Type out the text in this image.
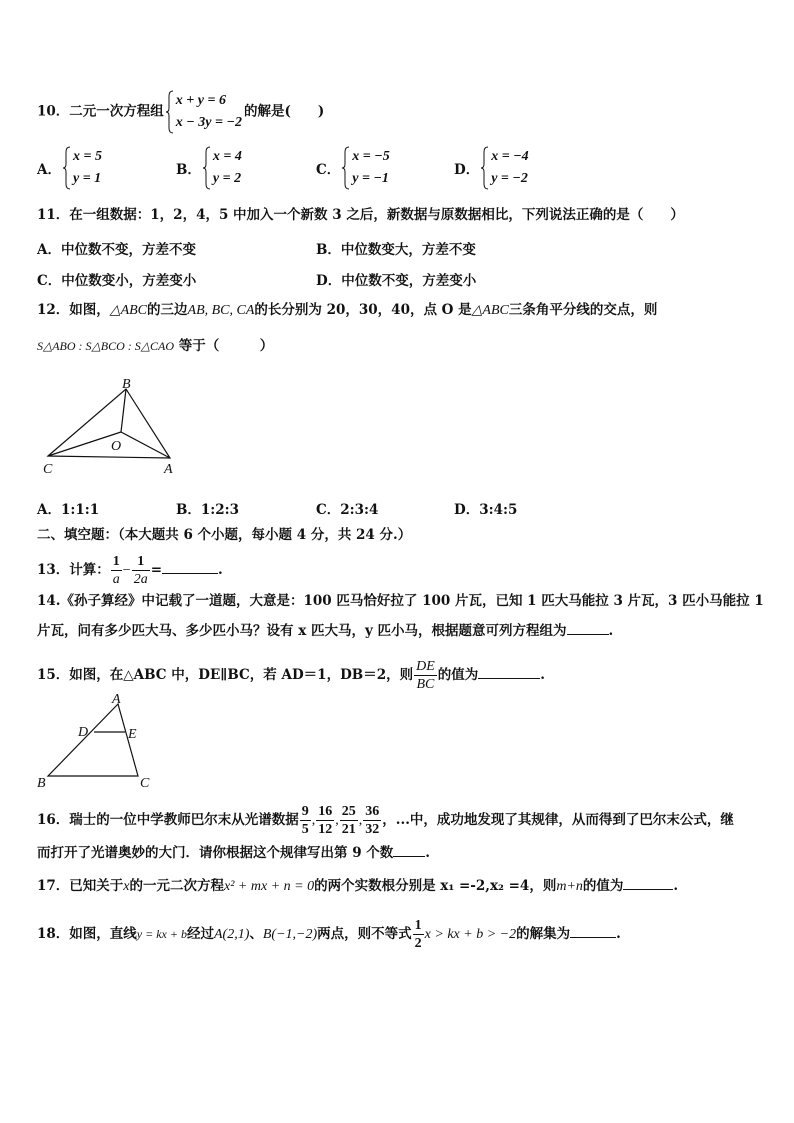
10．二元一次方程组
x + y = 6
x − 3y = −2
的解是(　　)
A．
x = 5
y = 1
B．
x = 4
y = 2
C．
x = −5
y = −1
D．
x = −4
y = −2
11．在一组数据：1，2，4，5 中加入一个新数 3 之后，新数据与原数据相比，下列说法正确的是（　　）
A．中位数不变，方差不变	B．中位数变大，方差不变
C．中位数变小，方差变小	D．中位数不变，方差变小
12．如图，△ABC的三边AB, BC, CA的长分别为 20，30，40，点 O 是△ABC三条角平分线的交点，则
S△ABO : S△BCO : S△CAO 等于（　　　）
B
O
C	A
A．1:1:1	B．1:2:3	C．2:3:4	D．3:4:5
二、填空题：（本大题共 6 个小题，每小题 4 分，共 24 分.）
13．计算： $\frac{1}{a} - \frac{1}{2a}$ =	.
14.《孙子算经》中记载了一道题，大意是：100 匹马恰好拉了 100 片瓦，已知 1 匹大马能拉 3 片瓦，3 匹小马能拉 1
片瓦，问有多少匹大马、多少匹小马？设有 x 匹大马，y 匹小马，根据题意可列方程组为	.
15．如图，在△ABC 中，DE∥BC，若 AD＝1，DB＝2，则 $\frac{DE}{BC}$ 的值为	.
A
D	E
B	C
16．瑞士的一位中学教师巴尔末从光谱数据 $\frac{9}{5}$ , $\frac{16}{12}$ , $\frac{25}{21}$ , $\frac{36}{32}$ ，...中，成功地发现了其规律，从而得到了巴尔末公式，继
而打开了光谱奥妙的大门．请你根据这个规律写出第 9 个数 .
17．已知关于x的一元二次方程x² + mx + n = 0的两个实数根分别是 x₁ =-2,x₂ =4，则m+n的值为	.
18．如图，直线y = kx + b经过A(2,1)、B(−1,−2)两点，则不等式 $\frac{1}{2}$ x > kx + b > −2的解集为	.
